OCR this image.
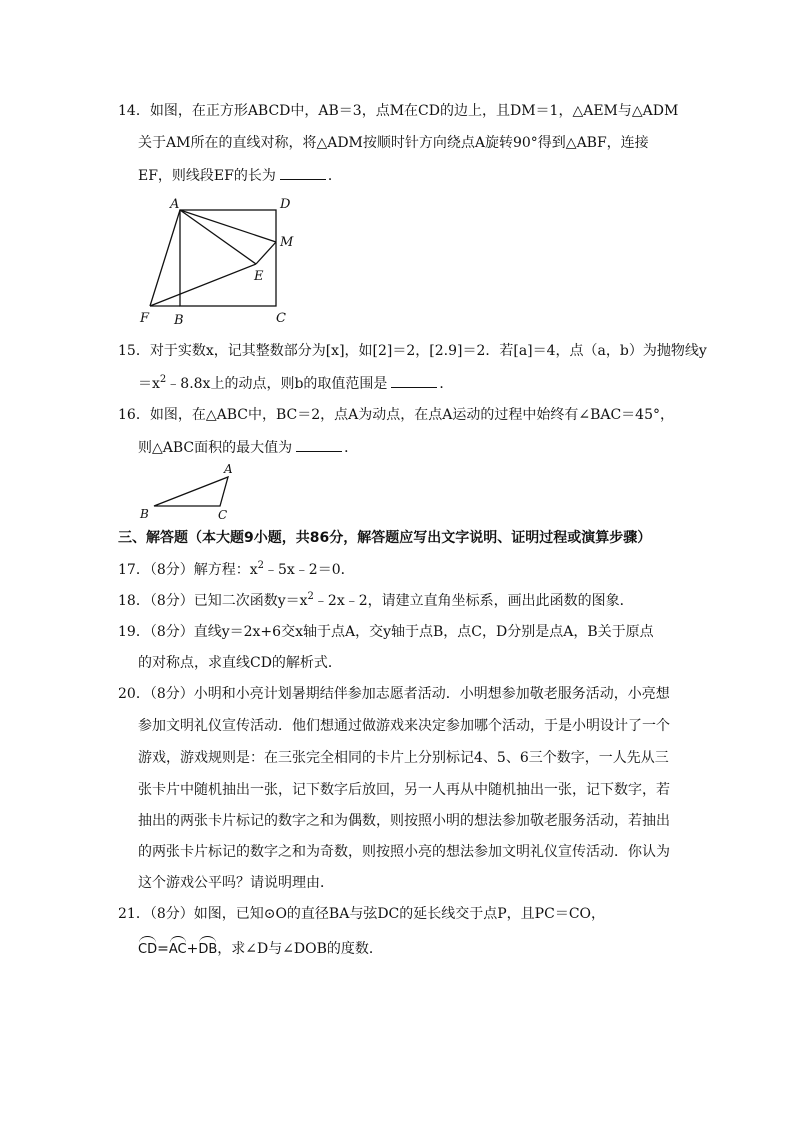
14．如图，在正方形ABCD中，AB＝3，点M在CD的边上，且DM＝1，△AEM与△ADM
关于AM所在的直线对称，将△ADM按顺时针方向绕点A旋转90°得到△ABF，连接
EF，则线段EF的长为	．
A	D
M
E
F B	C
15．对于实数x，记其整数部分为[x]，如[2]＝2，[2.9]＝2．若[a]＝4，点（a，b）为抛物线y
$=x^2﹣8.8x$上的动点，则b的取值范围是	．
16．如图，在△ABC中，BC＝2，点A为动点，在点A运动的过程中始终有∠BAC＝45°，
则△ABC面积的最大值为	．
A
B	C
三、解答题（本大题9小题，共86分，解答题应写出文字说明、证明过程或演算步骤）
17．（8分）解方程：$x^2﹣5x﹣2=0$．
18．（8分）已知二次函数$y=x^2﹣2x﹣2$，请建立直角坐标系，画出此函数的图象．
19．（8分）直线y＝2x+6交x轴于点A，交y轴于点B，点C，D分别是点A，B关于原点
的对称点，求直线CD的解析式．
20．（8分）小明和小亮计划暑期结伴参加志愿者活动．小明想参加敬老服务活动，小亮想
参加文明礼仪宣传活动．他们想通过做游戏来决定参加哪个活动，于是小明设计了一个
游戏，游戏规则是：在三张完全相同的卡片上分别标记4、5、6三个数字，一人先从三
张卡片中随机抽出一张，记下数字后放回，另一人再从中随机抽出一张，记下数字，若
抽出的两张卡片标记的数字之和为偶数，则按照小明的想法参加敬老服务活动，若抽出
的两张卡片标记的数字之和为奇数，则按照小亮的想法参加文明礼仪宣传活动．你认为
这个游戏公平吗？请说明理由．
21．（8分）如图，已知⊙O的直径BA与弦DC的延长线交于点P，且PC＝CO，
CD=AC+DB，求∠D与∠DOB的度数．
